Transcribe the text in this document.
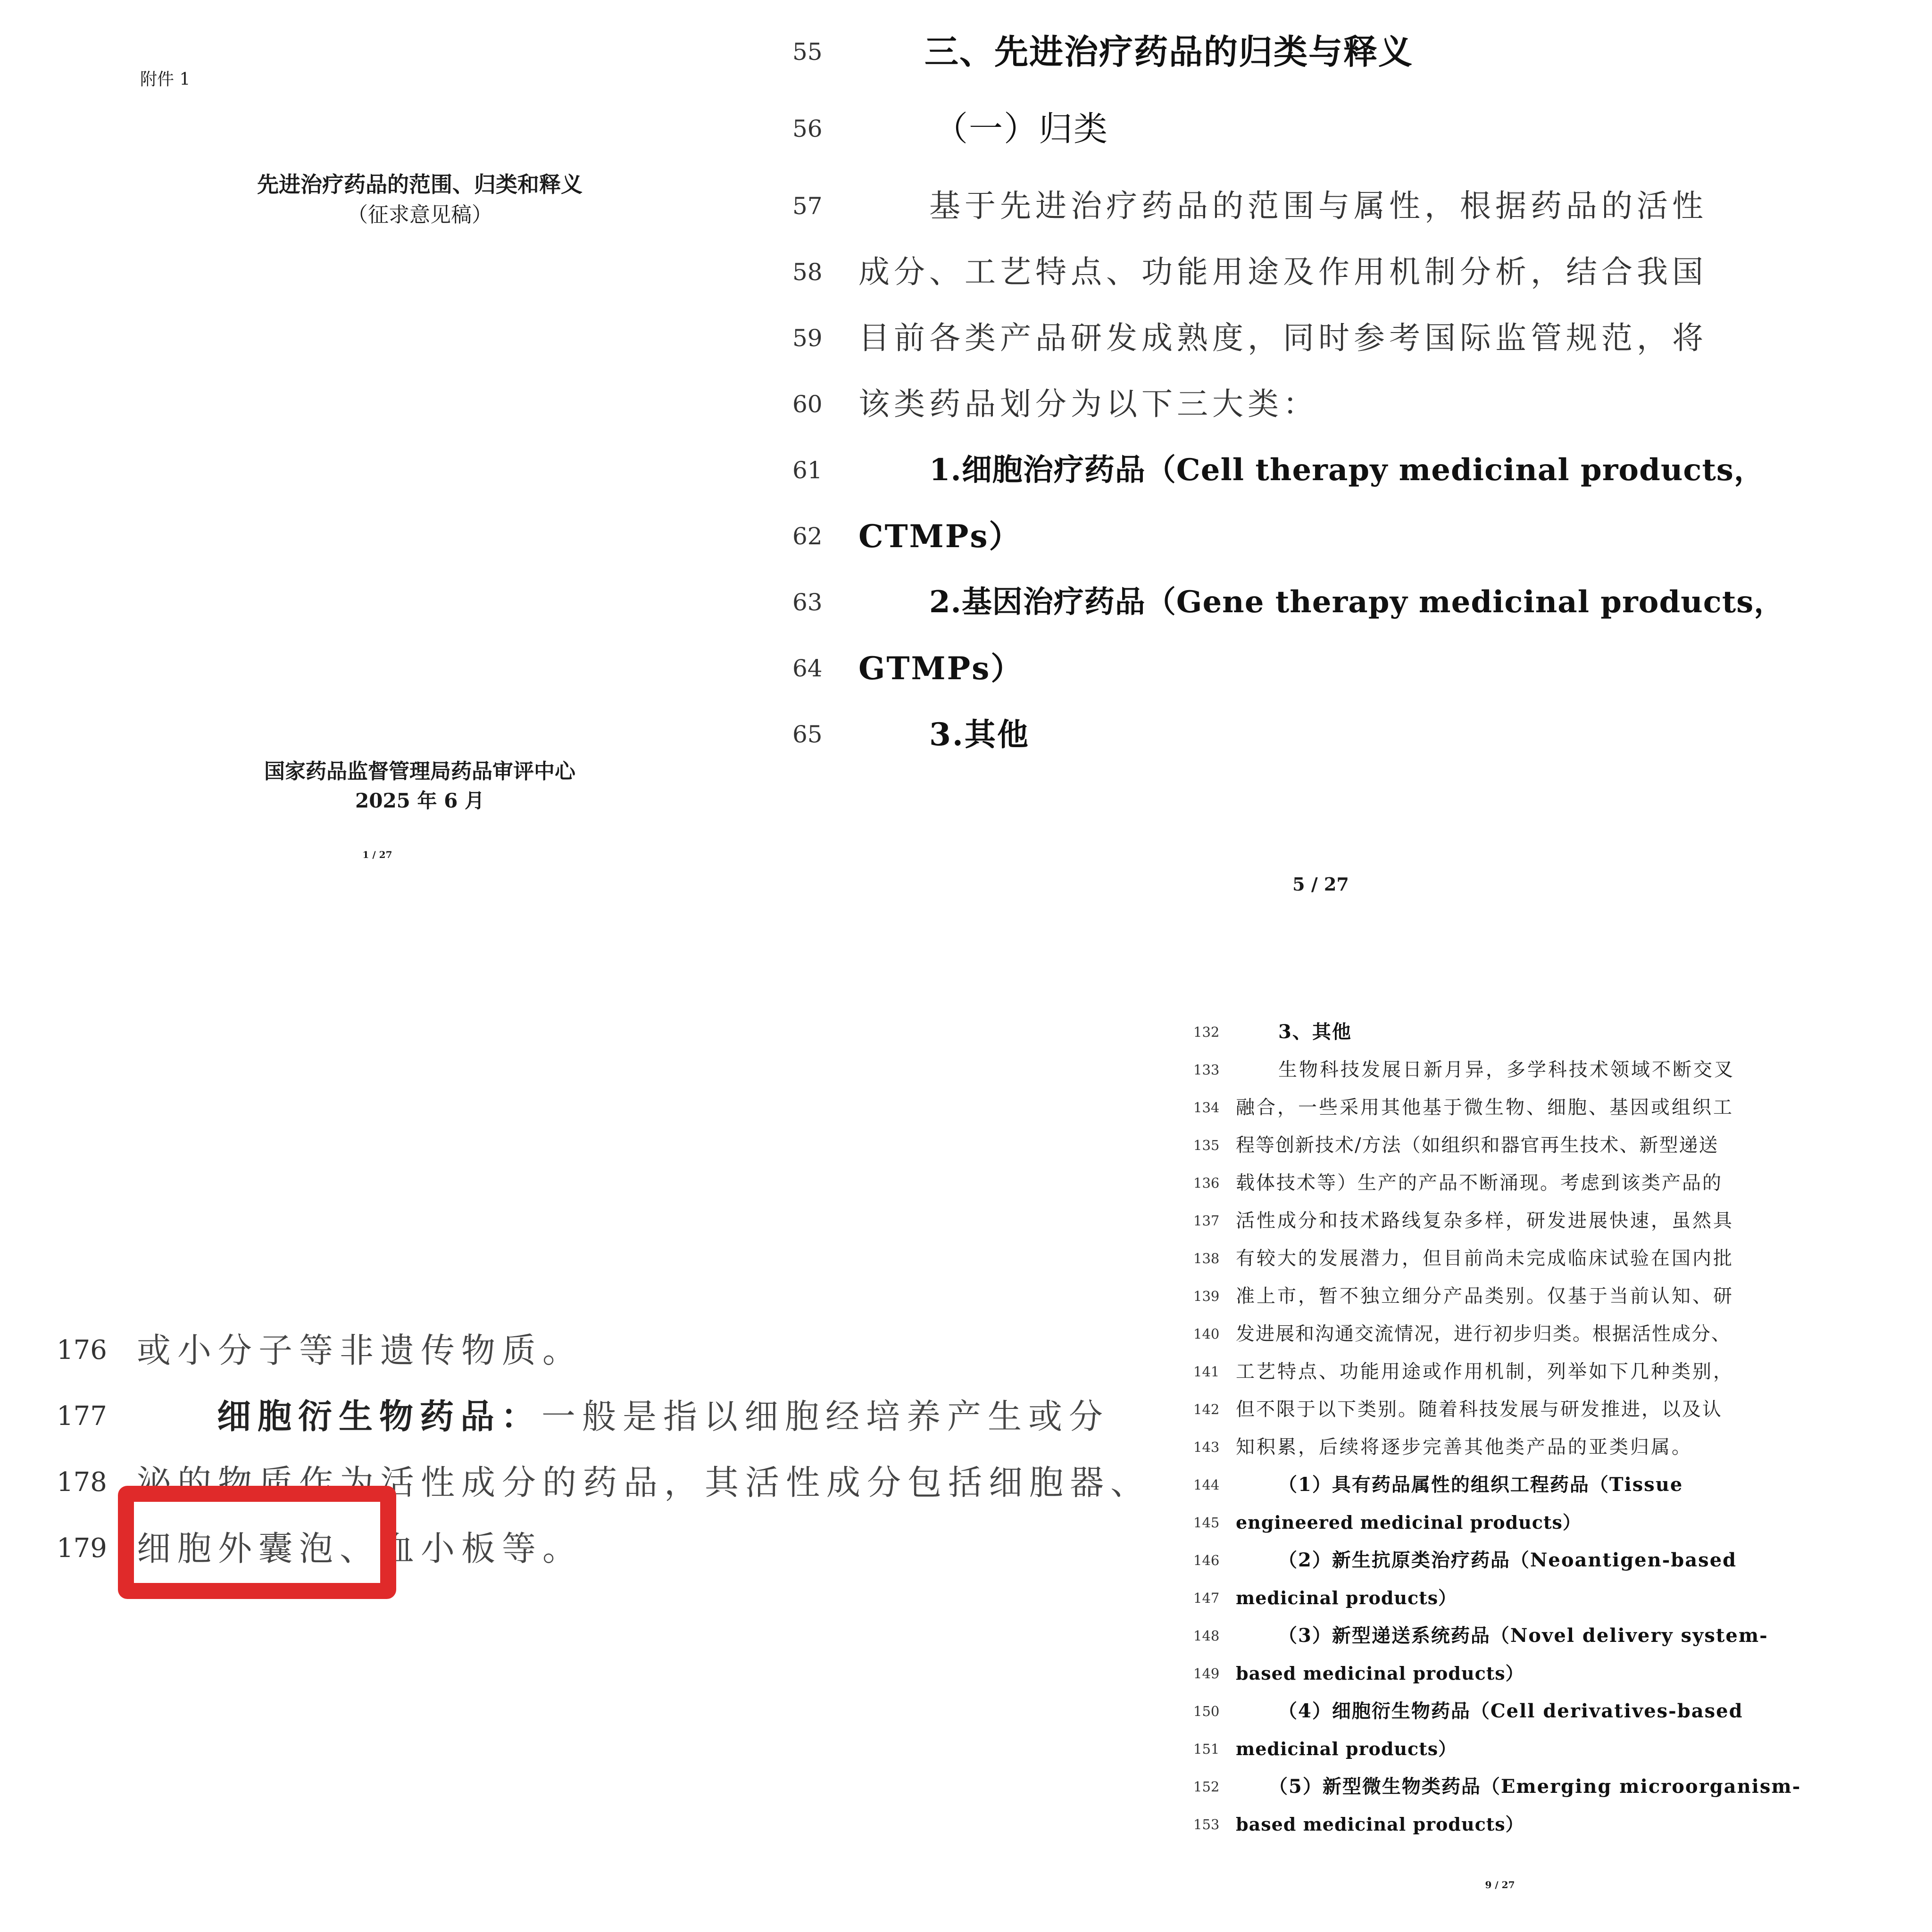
附件 1

先进治疗药品的范围、归类和释义

（征求意见稿）

国家药品监督管理局药品审评中心

2025 年 6 月

1 / 27

55	三、先进治疗药品的归类与释义
56	（一）归类
57	基于先进治疗药品的范围与属性，根据药品的活性
58	成分、工艺特点、功能用途及作用机制分析，结合我国
59	目前各类产品研发成熟度，同时参考国际监管规范，将
60	该类药品划分为以下三大类：
61	1.细胞治疗药品（Cell therapy medicinal products，
62	CTMPs）
63	2.基因治疗药品（Gene therapy medicinal products，
64	GTMPs）
65	3.其他

5 / 27

132	3、其他
133	生物科技发展日新月异，多学科技术领域不断交叉
134 融合，一些采用其他基于微生物、细胞、基因或组织工
135 程等创新技术/方法（如组织和器官再生技术、新型递送
136 载体技术等）生产的产品不断涌现。考虑到该类产品的
137 活性成分和技术路线复杂多样，研发进展快速，虽然具
138 有较大的发展潜力，但目前尚未完成临床试验在国内批
139 准上市，暂不独立细分产品类别。仅基于当前认知、研
140 发进展和沟通交流情况，进行初步归类。根据活性成分、
141 工艺特点、功能用途或作用机制，列举如下几种类别，
142 但不限于以下类别。随着科技发展与研发推进，以及认
143 知积累，后续将逐步完善其他类产品的亚类归属。
144	（1）具有药品属性的组织工程药品（Tissue
145 engineered medicinal products）
146	（2）新生抗原类治疗药品（Neoantigen-based
147 medicinal products）
148	（3）新型递送系统药品（Novel delivery system-
149 based medicinal products）
150	（4）细胞衍生物药品（Cell derivatives-based
151 medicinal products）
152	（5）新型微生物类药品（Emerging microorganism-
153 based medicinal products）

9 / 27

176 或小分子等非遗传物质。
177	细胞衍生物药品：一般是指以细胞经培养产生或分
178 泌的物质作为活性成分的药品，其活性成分包括细胞器、
179 细胞外囊泡、血小板等。
